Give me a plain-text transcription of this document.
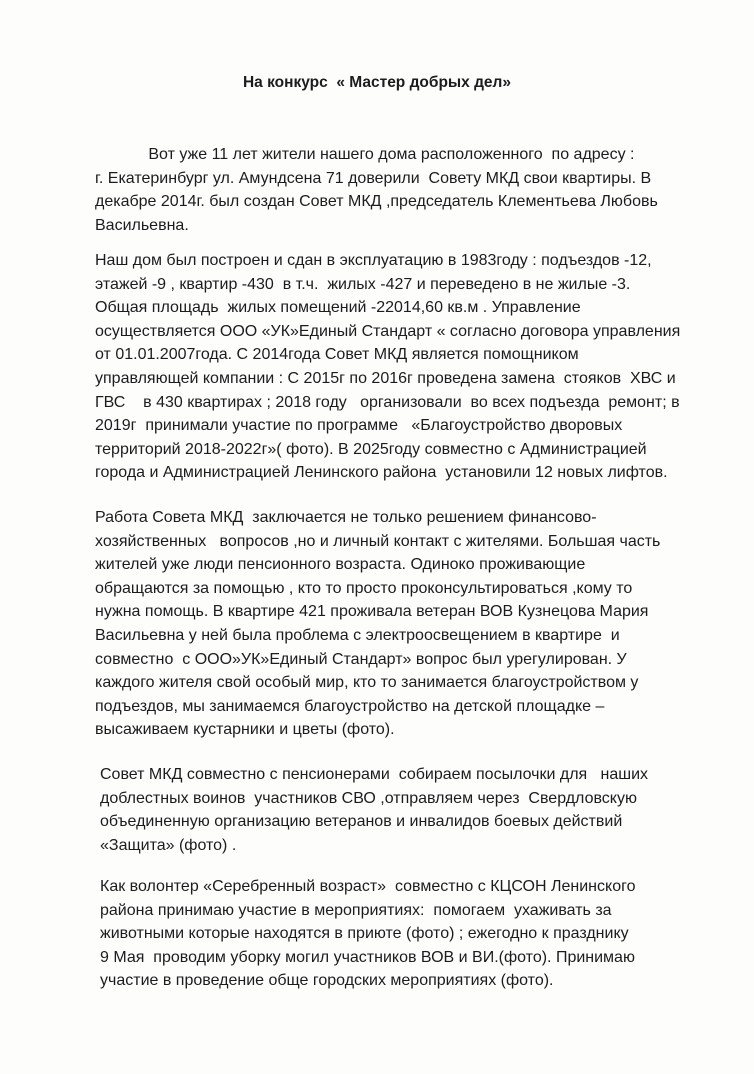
На конкурс  « Мастер добрых дел»

Вот уже 11 лет жители нашего дома расположенного  по адресу :
г. Екатеринбург ул. Амундсена 71 доверили  Совету МКД свои квартиры. В
декабре 2014г. был создан Совет МКД ,председатель Клементьева Любовь
Васильевна.

Наш дом был построен и сдан в эксплуатацию в 1983году : подъездов -12,
этажей -9 , квартир -430  в т.ч.  жилых -427 и переведено в не жилые -3.
Общая площадь  жилых помещений -22014,60 кв.м . Управление
осуществляется ООО «УК»Единый Стандарт « согласно договора управления
от 01.01.2007года. С 2014года Совет МКД является помощником
управляющей компании : С 2015г по 2016г проведена замена  стояков  ХВС и
ГВС    в 430 квартирах ; 2018 году   организовали  во всех подъезда  ремонт; в
2019г  принимали участие по программе   «Благоустройство дворовых
территорий 2018-2022г»( фото). В 2025году совместно с Администрацией
города и Администрацией Ленинского района  установили 12 новых лифтов.

Работа Совета МКД  заключается не только решением финансово-
хозяйственных   вопросов ,но и личный контакт с жителями. Большая часть
жителей уже люди пенсионного возраста. Одиноко проживающие
обращаются за помощью , кто то просто проконсультироваться ,кому то
нужна помощь. В квартире 421 проживала ветеран ВОВ Кузнецова Мария
Васильевна у ней была проблема с электроосвещением в квартире  и
совместно  с ООО»УК»Единый Стандарт» вопрос был урегулирован. У
каждого жителя свой особый мир, кто то занимается благоустройством у
подъездов, мы занимаемся благоустройство на детской площадке –
высаживаем кустарники и цветы (фото).

Совет МКД совместно с пенсионерами  собираем посылочки для   наших
доблестных воинов  участников СВО ,отправляем через  Свердловскую
объединенную организацию ветеранов и инвалидов боевых действий
«Защита» (фото) .

Как волонтер «Серебренный возраст»  совместно с КЦСОН Ленинского
района принимаю участие в мероприятиях:  помогаем  ухаживать за
животными которые находятся в приюте (фото) ; ежегодно к празднику
9 Мая  проводим уборку могил участников ВОВ и ВИ.(фото). Принимаю
участие в проведение обще городских мероприятиях (фото).
